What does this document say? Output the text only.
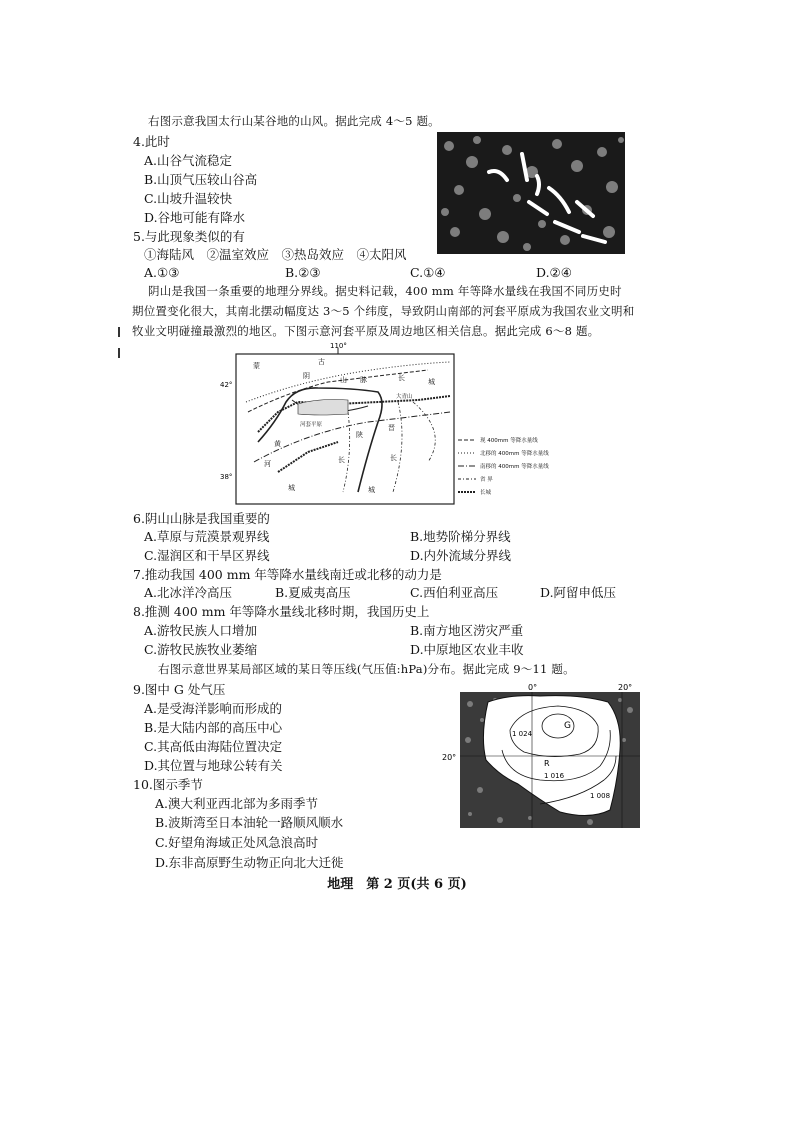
右图示意我国太行山某谷地的山风。据此完成 4～5 题。
4.此时
A.山谷气流稳定
B.山顶气压较山谷高
C.山坡升温较快
D.谷地可能有降水
5.与此现象类似的有
①海陆风　②温室效应　③热岛效应　④太阳风
A.①③	B.②③	C.①④	D.②④
阴山是我国一条重要的地理分界线。据史料记载，400 mm 年等降水量线在我国不同历史时
期位置变化很大，其南北摆动幅度达 3～5 个纬度，导致阴山南部的河套平原成为我国农业文明和
牧业文明碰撞最激烈的地区。下图示意河套平原及周边地区相关信息。据此完成 6～8 题。
110°
42°
38°
蒙	古
阴	山 脉	长	城
河套平原
大青山
黄
河
陕
长
城
晋
长
城
现 400mm 等降水量线
北移的 400mm 等降水量线
南移的 400mm 等降水量线
省 界
长城
6.阴山山脉是我国重要的
A.草原与荒漠景观界线	B.地势阶梯分界线
C.湿润区和干旱区界线	D.内外流域分界线
7.推动我国 400 mm 年等降水量线南迁或北移的动力是
A.北冰洋冷高压	B.夏威夷高压	C.西伯利亚高压	D.阿留申低压
8.推测 400 mm 年等降水量线北移时期，我国历史上
A.游牧民族人口增加	B.南方地区涝灾严重
C.游牧民族牧业萎缩	D.中原地区农业丰收
右图示意世界某局部区域的某日等压线(气压值:hPa)分布。据此完成 9～11 题。
9.图中 G 处气压
A.是受海洋影响而形成的
B.是大陆内部的高压中心
C.其高低由海陆位置决定
D.其位置与地球公转有关
10.图示季节
A.澳大利亚西北部为多雨季节
B.波斯湾至日本油轮一路顺风顺水
C.好望角海域正处风急浪高时
D.东非高原野生动物正向北大迁徙
0°	20°
20°
G
R
1 024
1 016
1 008
地理　第 2 页(共 6 页)
